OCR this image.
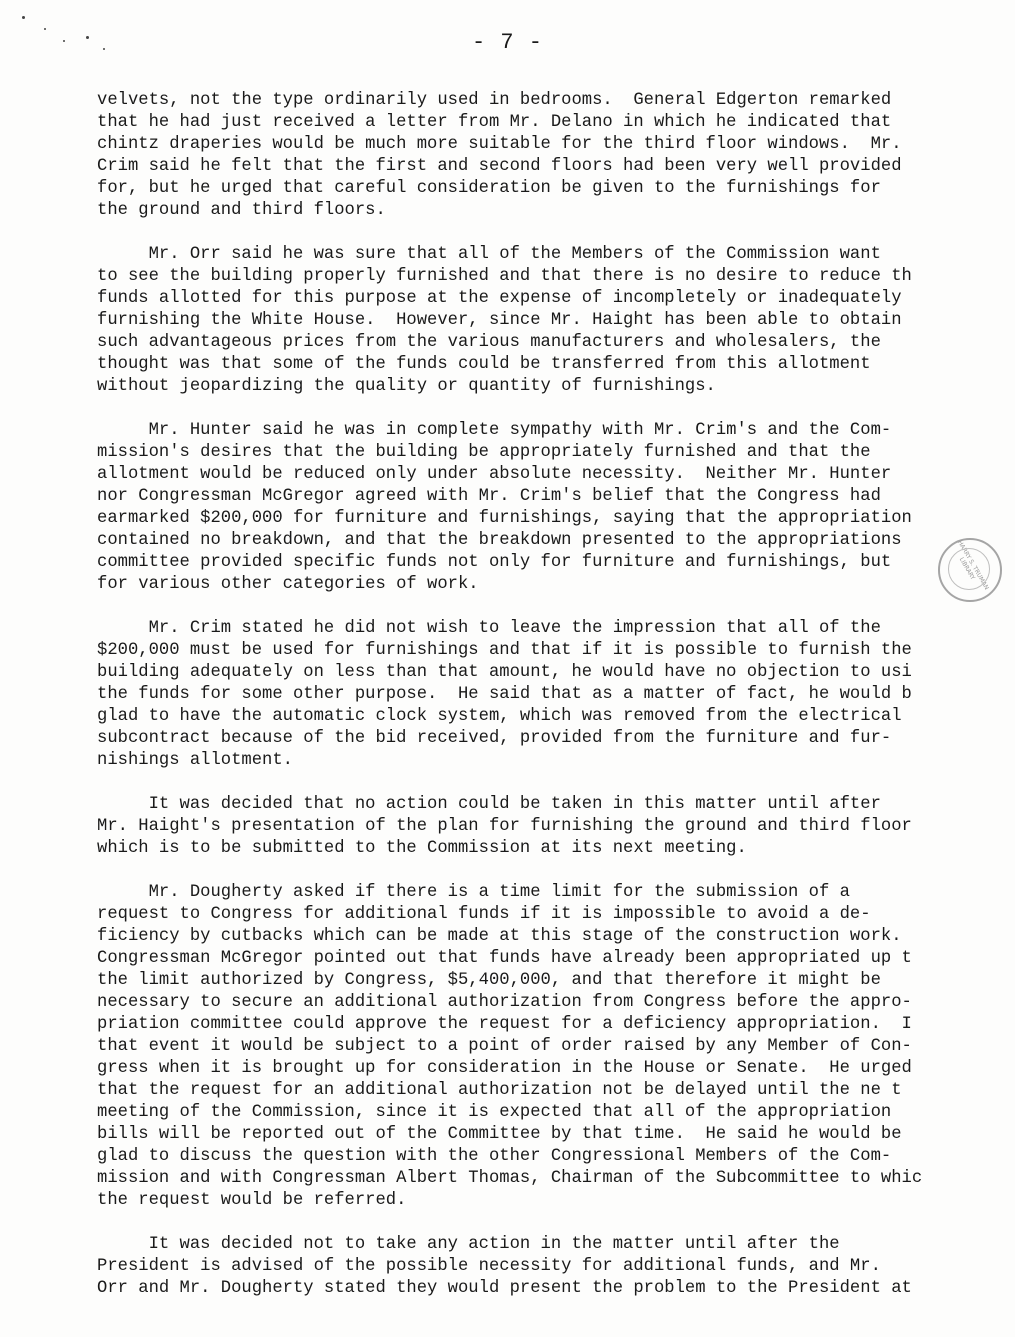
- 7 -
velvets, not the type ordinarily used in bedrooms.  General Edgerton remarked
that he had just received a letter from Mr. Delano in which he indicated that
chintz draperies would be much more suitable for the third floor windows.  Mr.
Crim said he felt that the first and second floors had been very well provided
for, but he urged that careful consideration be given to the furnishings for
the ground and third floors.
Mr. Orr said he was sure that all of the Members of the Commission want
to see the building properly furnished and that there is no desire to reduce th
funds allotted for this purpose at the expense of incompletely or inadequately
furnishing the White House.  However, since Mr. Haight has been able to obtain
such advantageous prices from the various manufacturers and wholesalers, the
thought was that some of the funds could be transferred from this allotment
without jeopardizing the quality or quantity of furnishings.
Mr. Hunter said he was in complete sympathy with Mr. Crim's and the Com-
mission's desires that the building be appropriately furnished and that the
allotment would be reduced only under absolute necessity.  Neither Mr. Hunter
nor Congressman McGregor agreed with Mr. Crim's belief that the Congress had
earmarked $200,000 for furniture and furnishings, saying that the appropriation
contained no breakdown, and that the breakdown presented to the appropriations
committee provided specific funds not only for furniture and furnishings, but
for various other categories of work.
Mr. Crim stated he did not wish to leave the impression that all of the
$200,000 must be used for furnishings and that if it is possible to furnish the
building adequately on less than that amount, he would have no objection to usi
the funds for some other purpose.  He said that as a matter of fact, he would b
glad to have the automatic clock system, which was removed from the electrical
subcontract because of the bid received, provided from the furniture and fur-
nishings allotment.
It was decided that no action could be taken in this matter until after
Mr. Haight's presentation of the plan for furnishing the ground and third floor
which is to be submitted to the Commission at its next meeting.
Mr. Dougherty asked if there is a time limit for the submission of a
request to Congress for additional funds if it is impossible to avoid a de-
ficiency by cutbacks which can be made at this stage of the construction work.
Congressman McGregor pointed out that funds have already been appropriated up t
the limit authorized by Congress, $5,400,000, and that therefore it might be
necessary to secure an additional authorization from Congress before the appro-
priation committee could approve the request for a deficiency appropriation.  I
that event it would be subject to a point of order raised by any Member of Con-
gress when it is brought up for consideration in the House or Senate.  He urged
that the request for an additional authorization not be delayed until the ne t
meeting of the Commission, since it is expected that all of the appropriation
bills will be reported out of the Committee by that time.  He said he would be
glad to discuss the question with the other Congressional Members of the Com-
mission and with Congressman Albert Thomas, Chairman of the Subcommittee to whic
the request would be referred.
It was decided not to take any action in the matter until after the
President is advised of the possible necessity for additional funds, and Mr.
Orr and Mr. Dougherty stated they would present the problem to the President at
HARRY S. TRUMAN LIBRARY
